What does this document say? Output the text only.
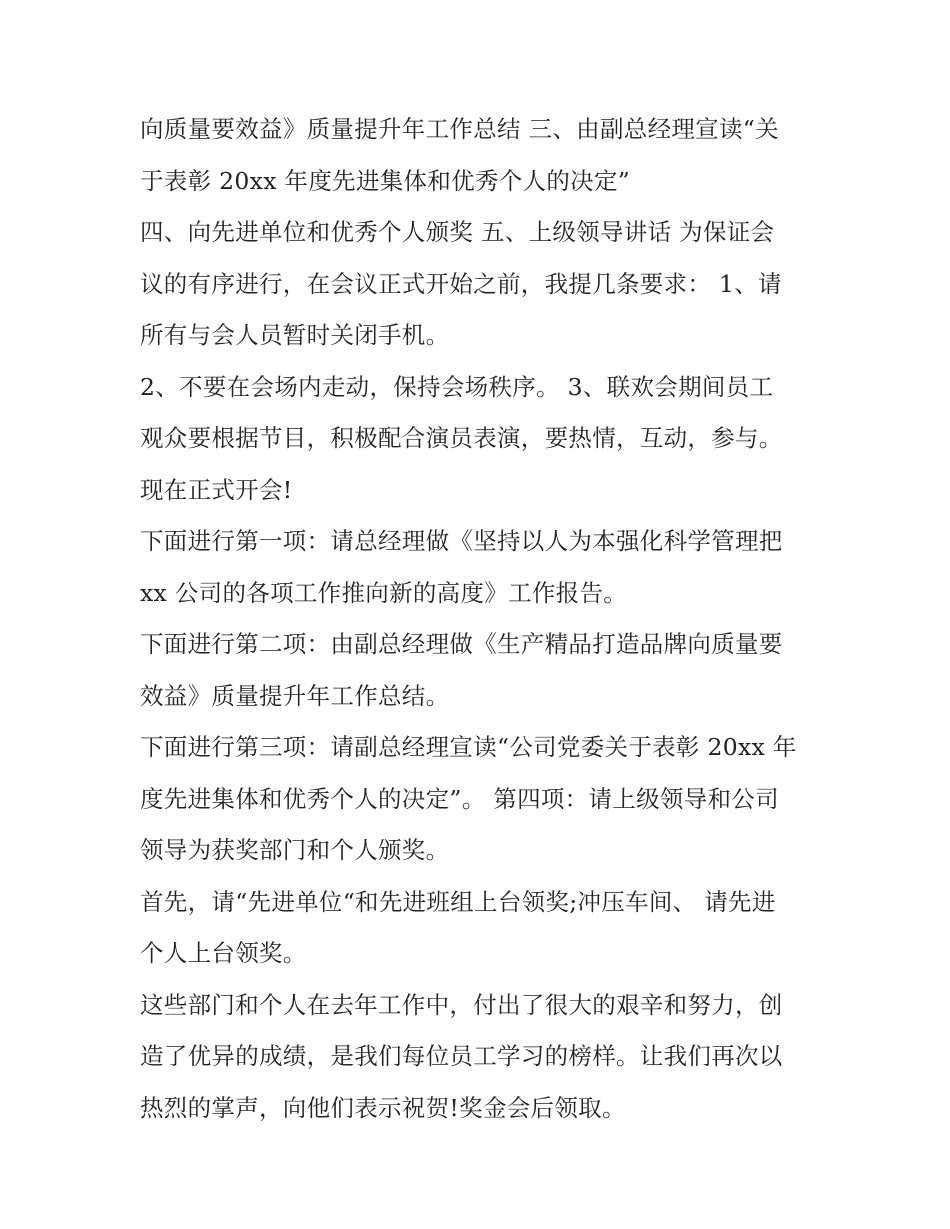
向质量要效益》质量提升年工作总结 三、由副总经理宣读“关
于表彰 20xx 年度先进集体和优秀个人的决定”
四、向先进单位和优秀个人颁奖 五、上级领导讲话 为保证会
议的有序进行，在会议正式开始之前，我提几条要求： 1、请
所有与会人员暂时关闭手机。
2、不要在会场内走动，保持会场秩序。 3、联欢会期间员工
观众要根据节目，积极配合演员表演，要热情，互动，参与。
现在正式开会!
下面进行第一项：请总经理做《坚持以人为本强化科学管理把
xx 公司的各项工作推向新的高度》工作报告。
下面进行第二项：由副总经理做《生产精品打造品牌向质量要
效益》质量提升年工作总结。
下面进行第三项：请副总经理宣读“公司党委关于表彰 20xx 年
度先进集体和优秀个人的决定”。 第四项：请上级领导和公司
领导为获奖部门和个人颁奖。
首先，请“先进单位“和先进班组上台领奖;冲压车间、 请先进
个人上台领奖。
这些部门和个人在去年工作中，付出了很大的艰辛和努力，创
造了优异的成绩，是我们每位员工学习的榜样。让我们再次以
热烈的掌声，向他们表示祝贺!奖金会后领取。
